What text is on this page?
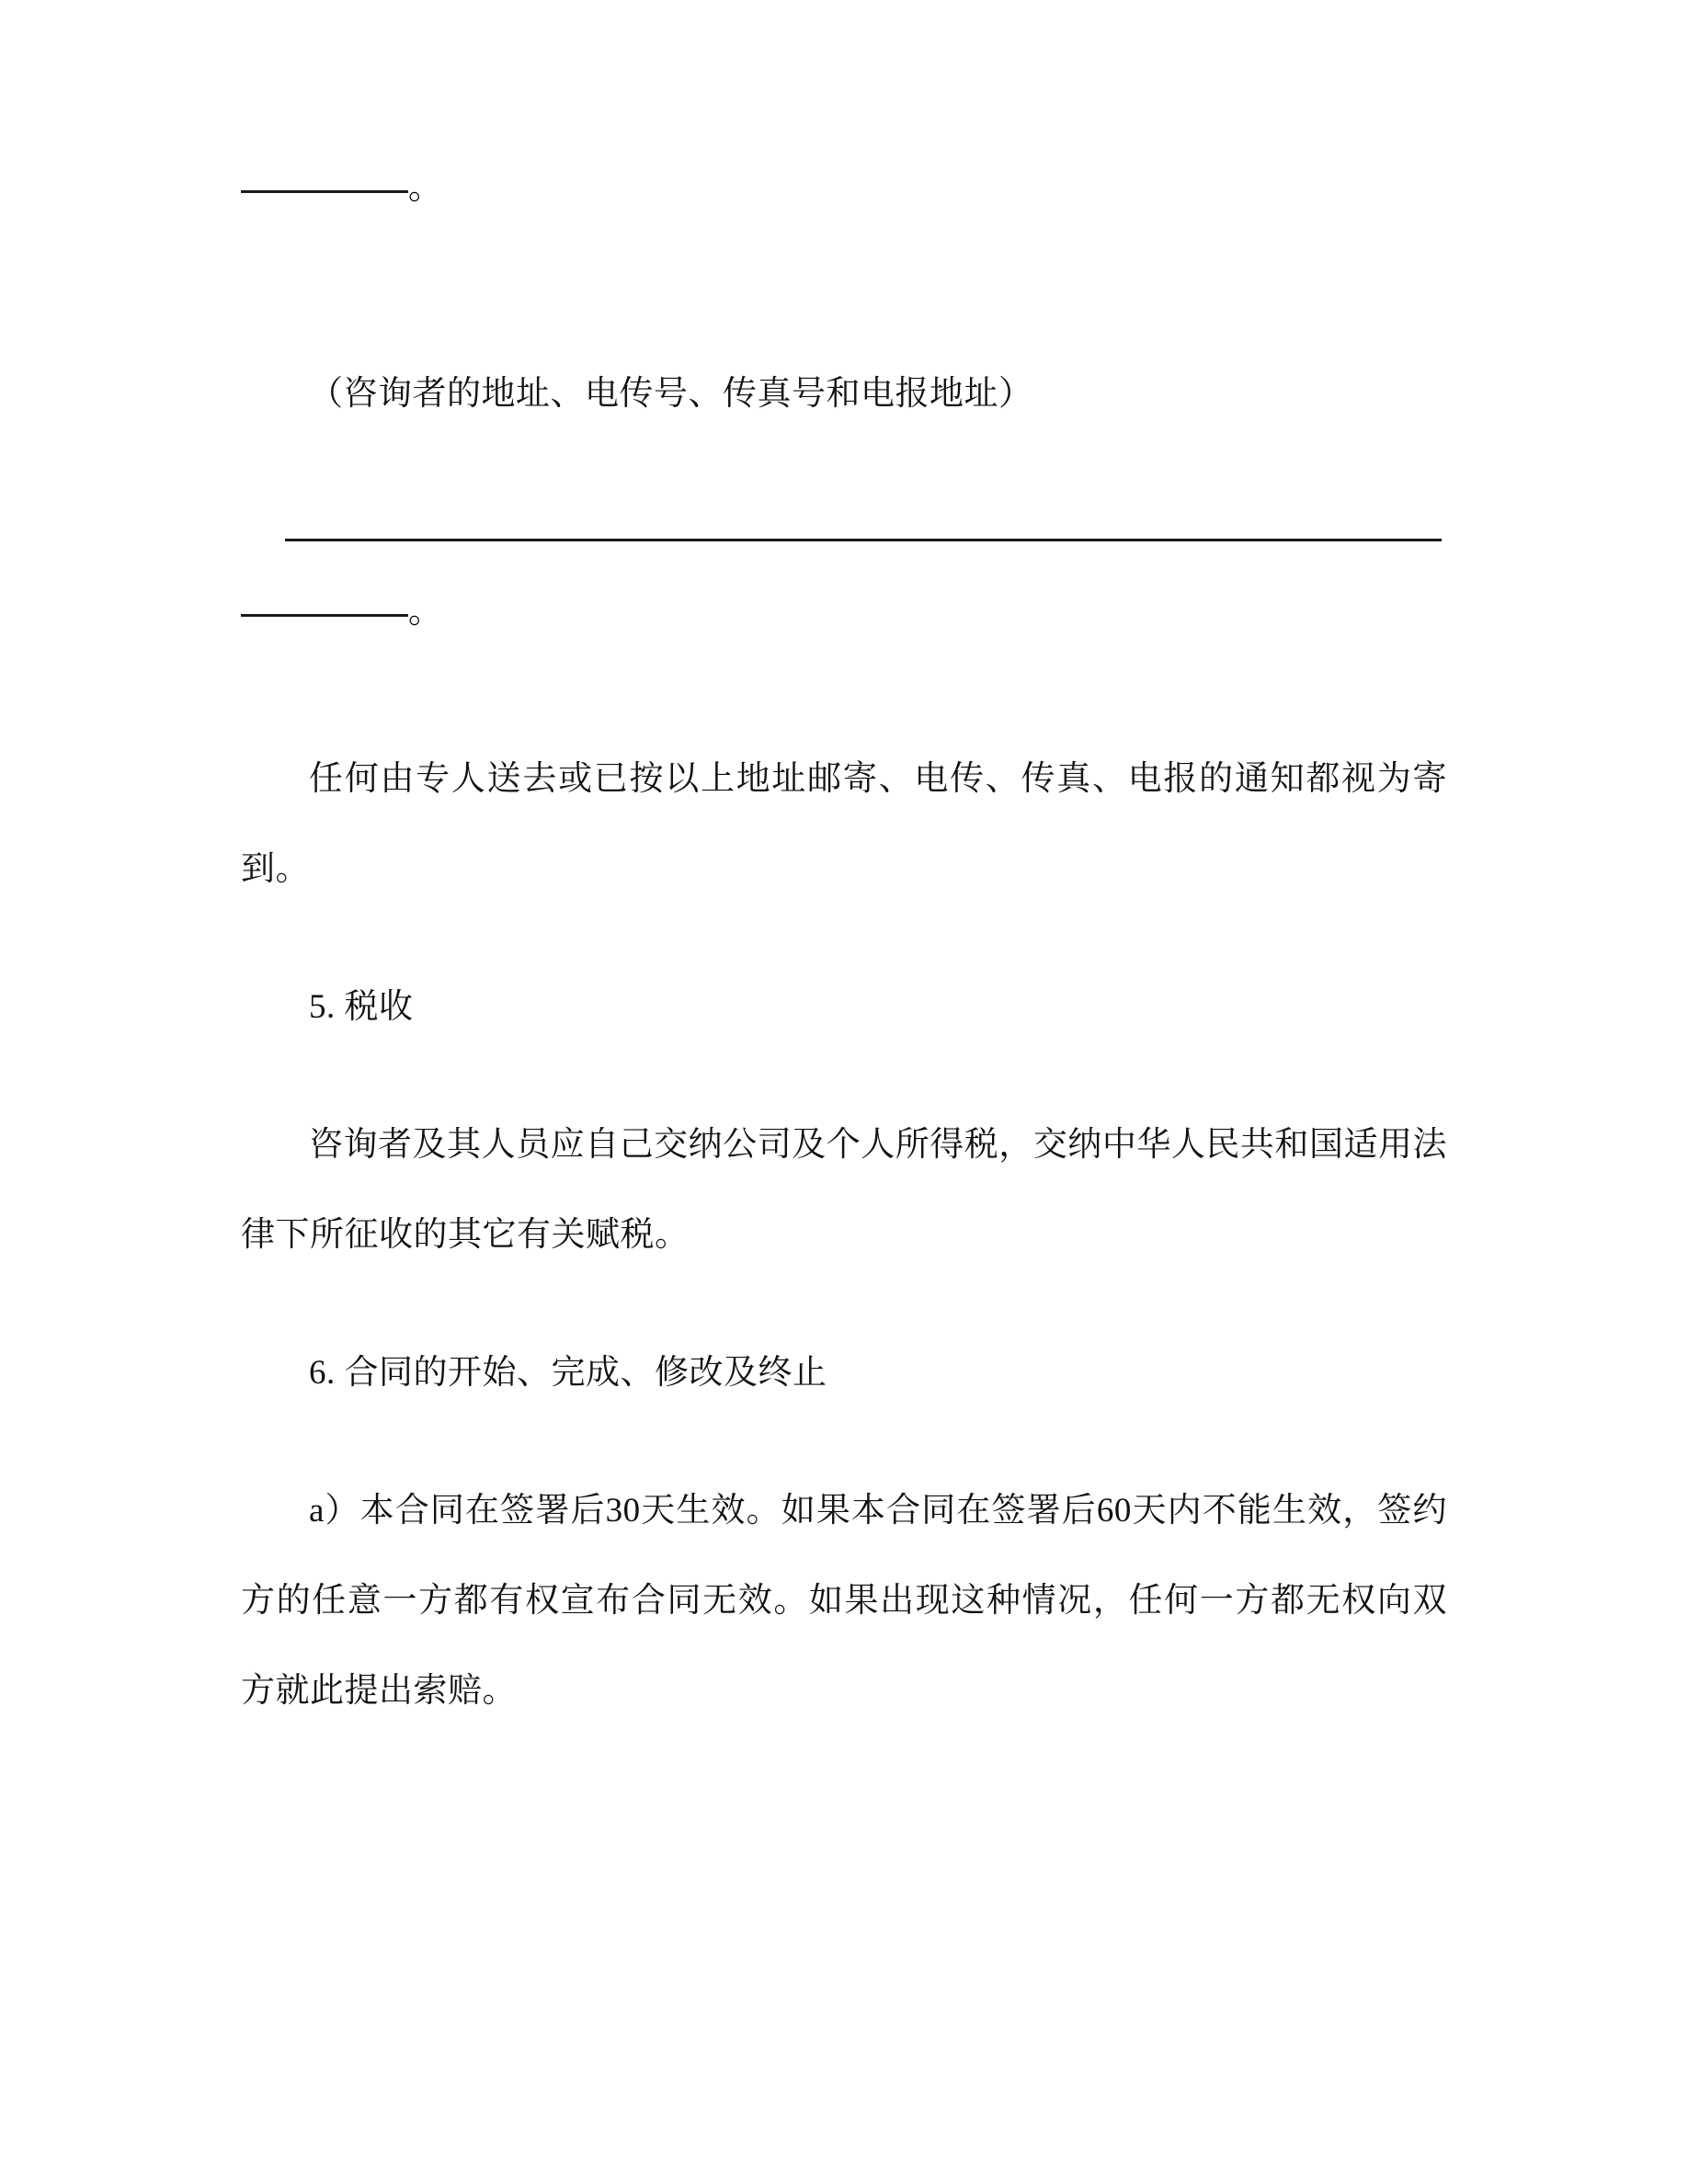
。

（咨询者的地址、电传号、传真号和电报地址）

。

任何由专人送去或已按以上地址邮寄、电传、传真、电报的通知都视为寄到。

5. 税收

咨询者及其人员应自己交纳公司及个人所得税，交纳中华人民共和国适用法律下所征收的其它有关赋税。

6. 合同的开始、完成、修改及终止

a）本合同在签署后30天生效。如果本合同在签署后60天内不能生效，签约方的任意一方都有权宣布合同无效。如果出现这种情况，任何一方都无权向双方就此提出索赔。
